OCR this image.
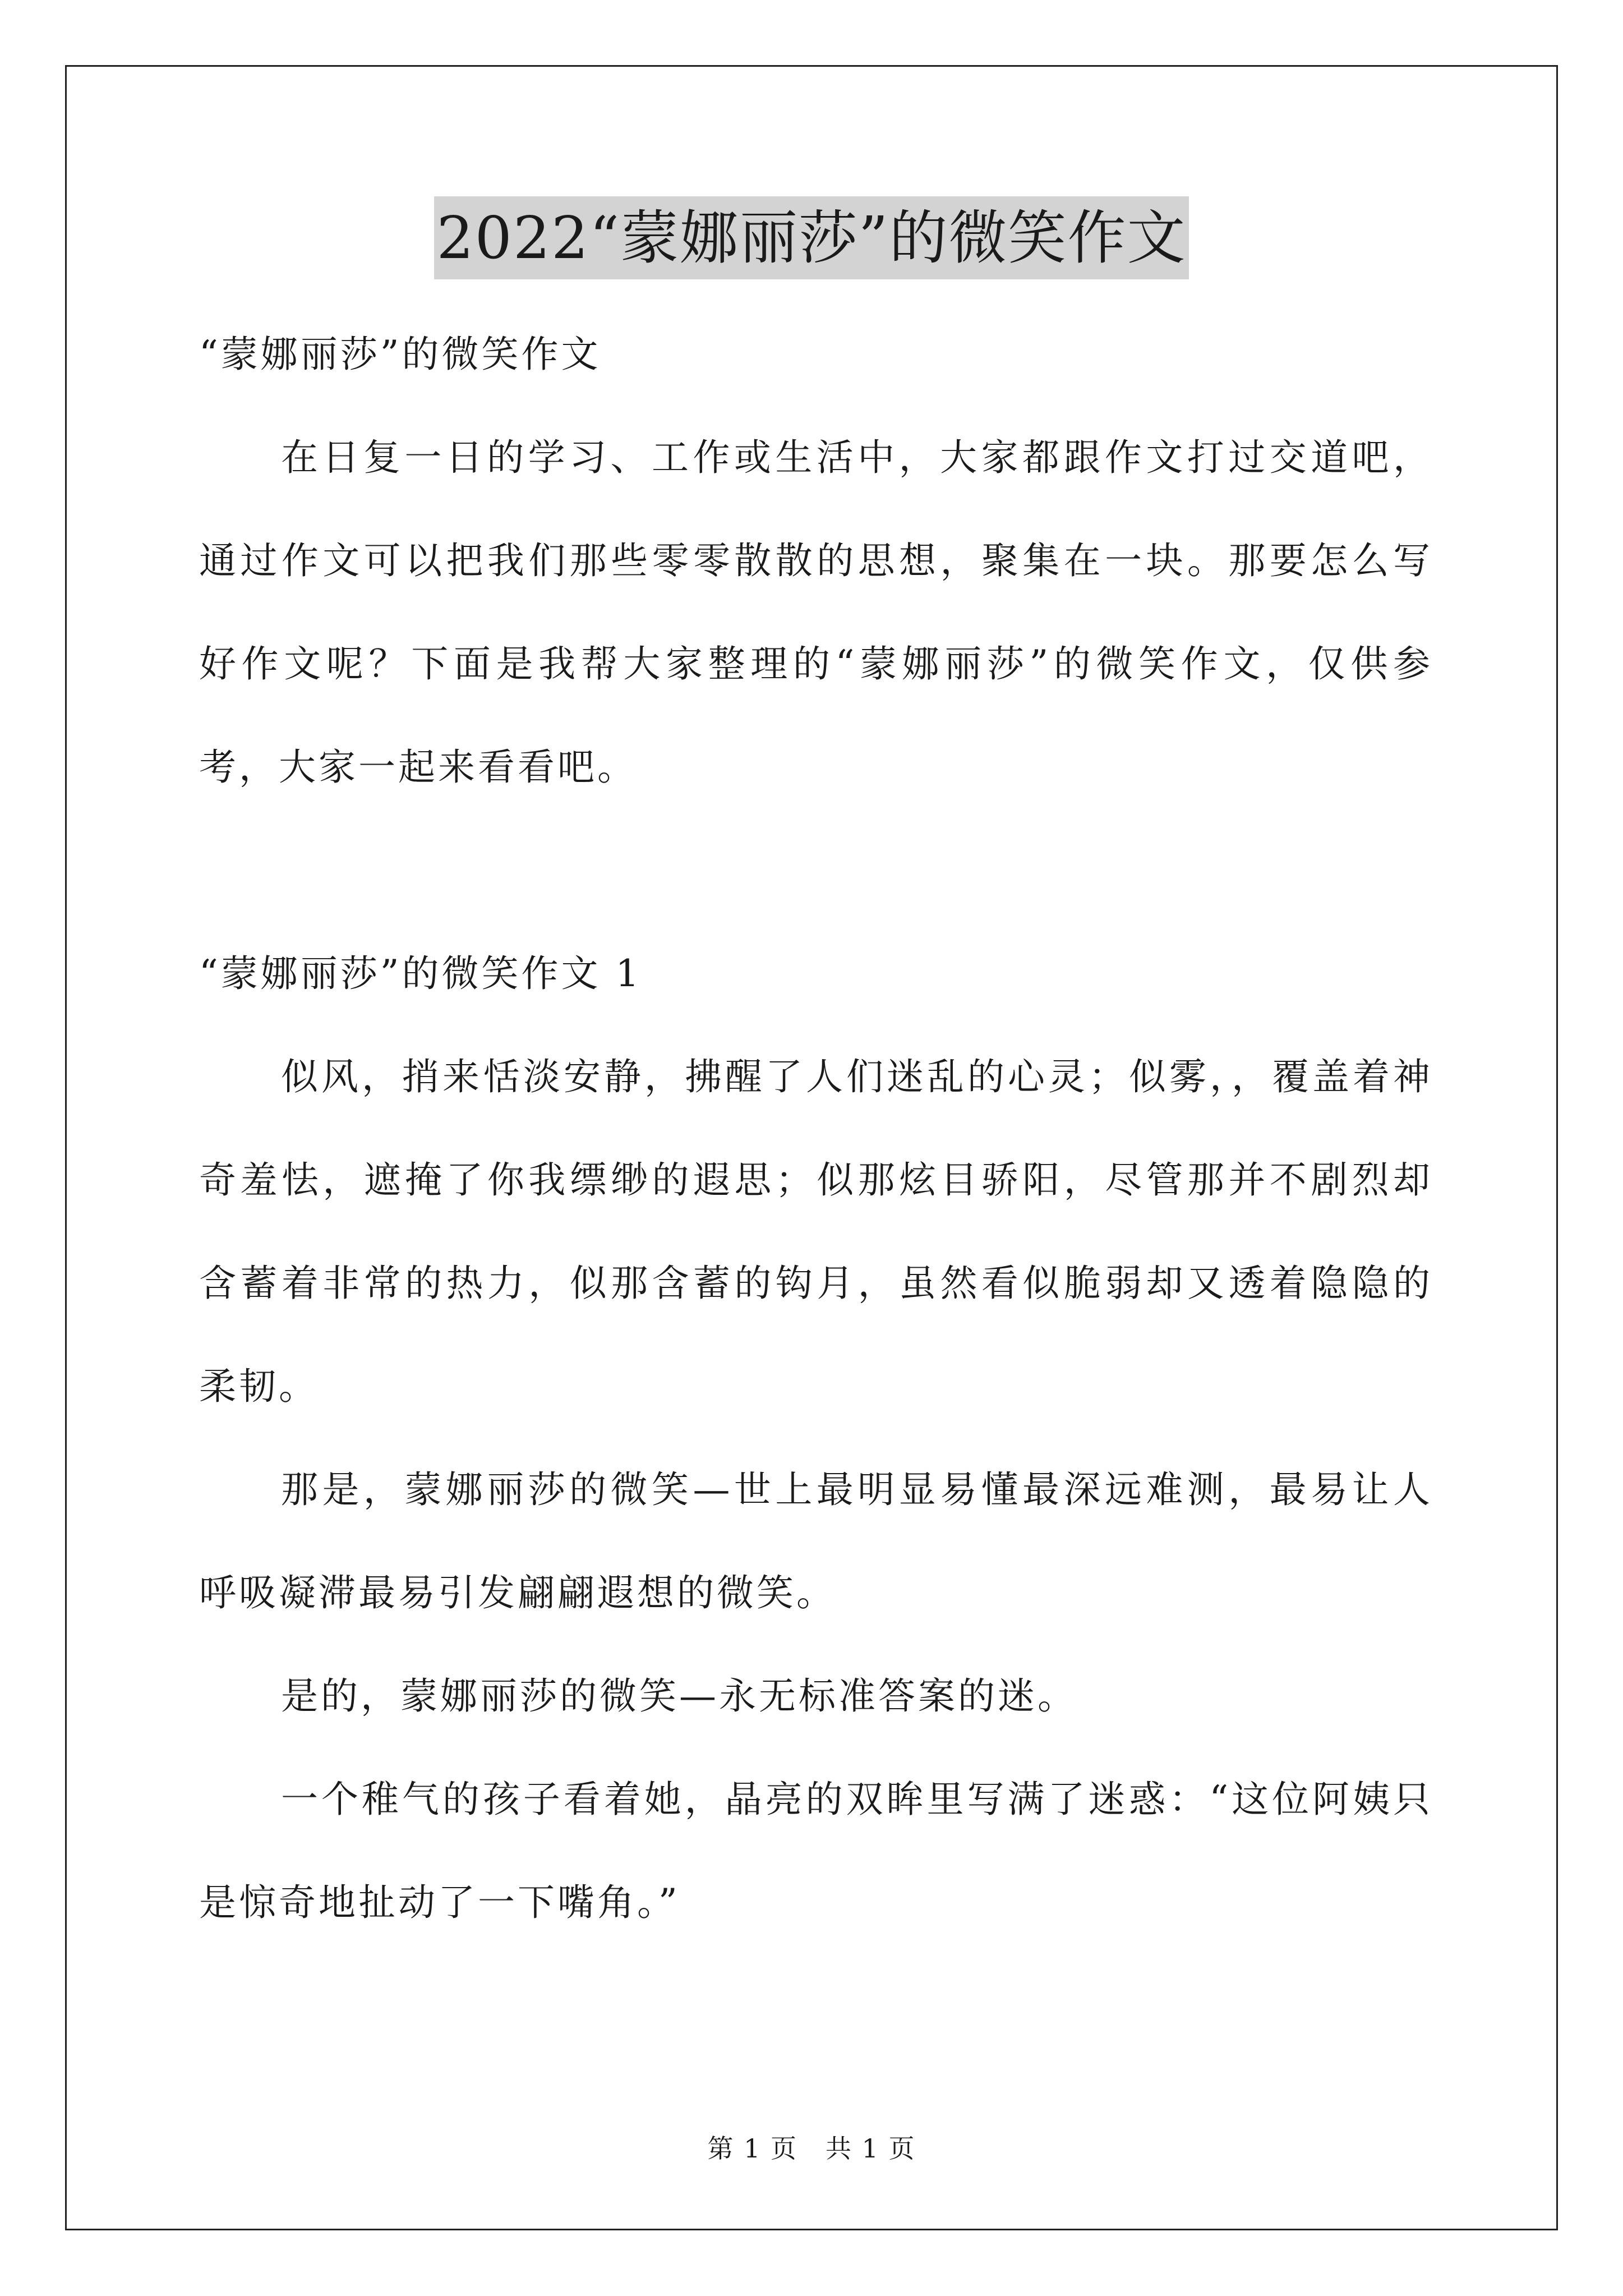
2022“蒙娜丽莎”的微笑作文

“蒙娜丽莎”的微笑作文

在日复一日的学习、工作或生活中，大家都跟作文打过交道吧，通过作文可以把我们那些零零散散的思想，聚集在一块。那要怎么写好作文呢？下面是我帮大家整理的“蒙娜丽莎”的微笑作文，仅供参考，大家一起来看看吧。

“蒙娜丽莎”的微笑作文 1

似风，捎来恬淡安静，拂醒了人们迷乱的心灵；似雾，，覆盖着神奇羞怯，遮掩了你我缥缈的遐思；似那炫目骄阳，尽管那并不剧烈却含蓄着非常的热力，似那含蓄的钩月，虽然看似脆弱却又透着隐隐的柔韧。

那是，蒙娜丽莎的微笑—世上最明显易懂最深远难测，最易让人呼吸凝滞最易引发翩翩遐想的微笑。

是的，蒙娜丽莎的微笑—永无标准答案的迷。

一个稚气的孩子看着她，晶亮的双眸里写满了迷惑：“这位阿姨只是惊奇地扯动了一下嘴角。”

第 1 页 共 1 页
